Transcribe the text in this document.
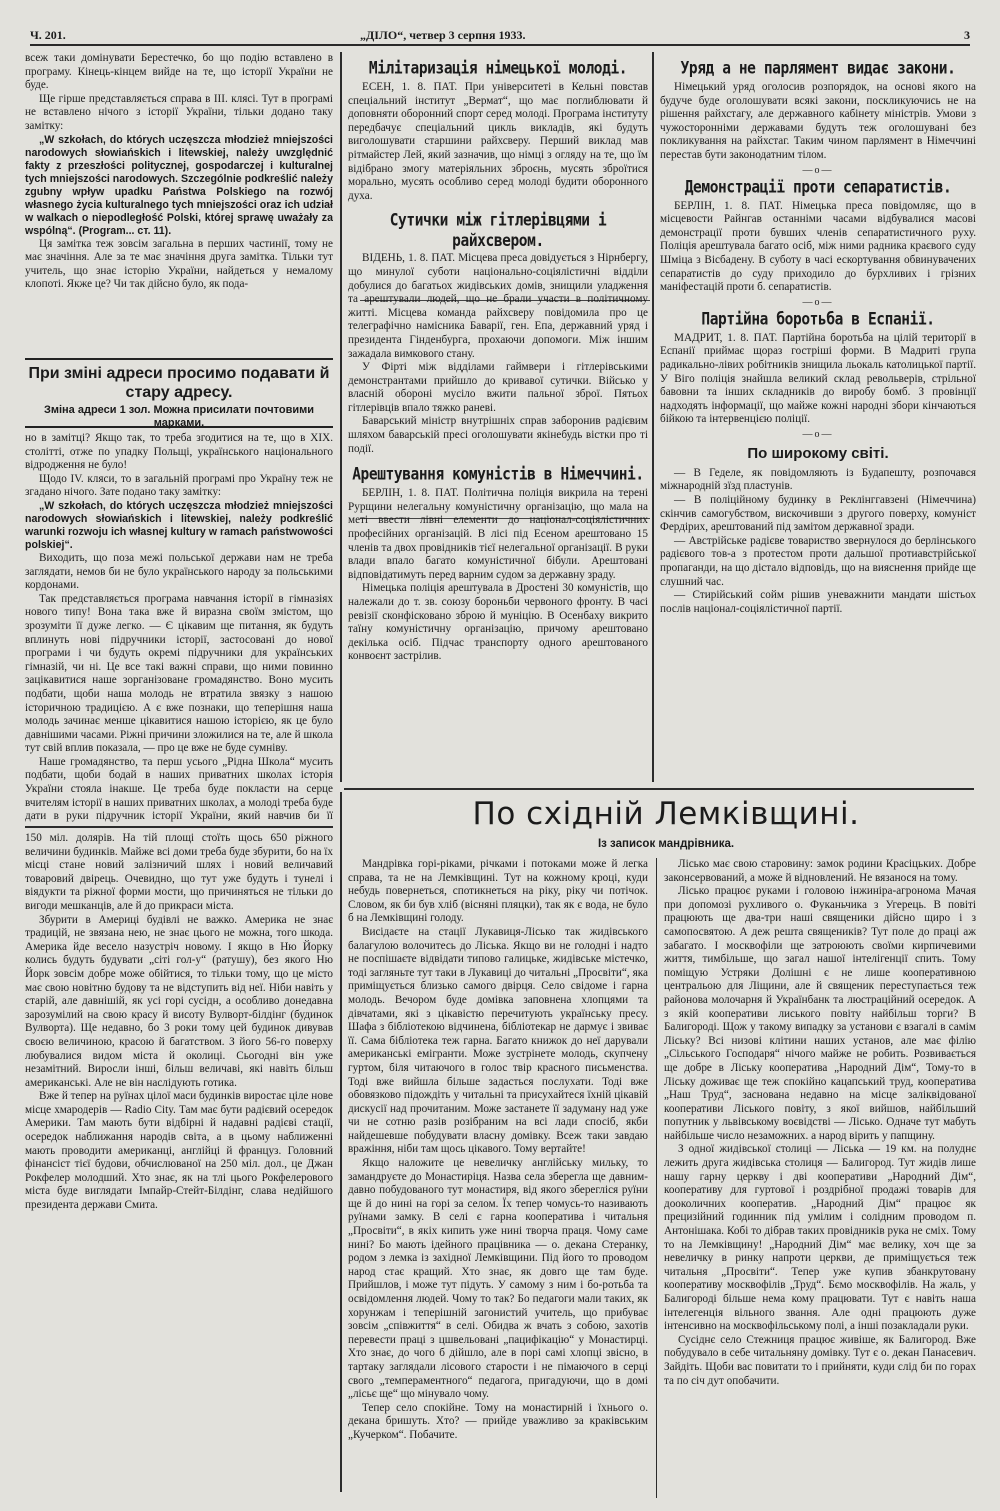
Ч. 201.	„ДІЛО“, четвер 3 серпня 1933.	3

всеж таки домінувати Берестечко, бо що подію вставлено в програму. Кінець-кінцем вийде на те, що історії України не буде.

Ще гірше представляється справа в III. клясі. Тут в програмі не вставлено нічого з історії України, тільки додано таку замітку:

„W szkołach, do których uczęszcza młodzież mniejszości narodowych słowiańskich i litewskiej, należy uwzględnić fakty z przeszłości politycznej, gospodarczej i kulturalnej tych mniejszości narodowych. Szczególnie podkreślić należy zgubny wpływ upadku Państwa Polskiego na rozwój własnego życia kulturalnego tych mniejszości oraz ich udział w walkach o niepodległość Polski, której sprawę uważały za wspólną“. (Program... ст. 11).

Ця замітка теж зовсім загальна в перших частинії, тому не має значіння. Але за те має значіння друга замітка. Тільки тут учитель, що знає історію України, найдеться у немалому клопоті. Якже це? Чи так дійсно було, як пода-

При зміні адреси просимо подавати й стару адресу.
Зміна адреси 1 зол. Можна присилати почтовими марками.

но в замітці? Якщо так, то треба згодитися на те, що в XIX. столітті, отже по упадку Польщі, українського національного відродження не було!

Щодо IV. кляси, то в загальній програмі про Україну теж не згадано нічого. Зате подано таку замітку:

„W szkołach, do których uczęszcza młodzież mniejszości narodowych słowiańskich i litewskiej, należy podkreślić warunki rozwoju ich własnej kultury w ramach państwowości polskiej“.

Виходить, що поза межі польської держави нам не треба заглядати, немов би не було українського народу за польськими кордонами.

Так представляється програма навчання історії в гімназіях нового типу! Вона така вже й виразна своїм змістом, що зрозуміти її дуже легко. — Є цікавим ще питання, як будуть вплинуть нові підручники історії, застосовані до нової програми і чи будуть окремі підручники для українських гімназій, чи ні. Це все такі важні справи, що ними повинно зацікавитися наше зорганізоване громадянство. Воно мусить подбати, щоби наша молодь не втратила звязку з нашою історичною традицією. А є вже познаки, що теперішня наша молодь зачинає менше цікавитися нашою історією, як це було давнішими часами. Ріжні причини зложилися на те, але й школа тут свій вплив показала, — про це вже не буде сумніву.

Наше громадянство, та перш усього „Рідна Школа“ мусить подбати, щоби бодай в наших приватних школах історія України стояла інакше. Це треба буде покласти на серце вчителям історії в наших приватних школах, а молоді треба буде дати в руки підручник історії України, який навчив би її

150 міл. долярів. На тій площі стоїть щось 650 ріжного величини будинків. Майже всі доми треба буде збурити, бо на їх місці стане новий залізничий шлях і новий величавий товаровий двірець. Очевидно, що тут уже будуть і тунелі і віядукти та ріжної форми мости, що причиняться не тільки до вигоди мешканців, але й до прикраси міста.

Збурити в Америці будівлі не важко. Америка не знає традицій, не звязана нею, не знає цього не можна, того шкода. Америка йде весело назустріч новому. І якщо в Ню Йорку колись будуть будувати „сіті гол-у“ (ратушу), без якого Ню Йорк зовсім добре може обійтися, то тільки тому, що це місто має свою новітню будову та не відступить від неї. Ніби навіть у старій, але давнішій, як усі горі сусідн, а особливо донедавна зарозумілий на свою красу й висоту Вулворт-білдінг (будинок Вулворта). Ще недавно, бо 3 роки тому цей будинок дивував своєю величиною, красою й багатством. З його 56-го поверху любувалися видом міста й околиці. Сьогодні він уже незамітний. Виросли інші, більш величаві, які навіть більш американські. Але не він наслідують готика.

Вже й тепер на руїнах цілої маси будинків виростає ціле нове місце хмародерів — Radio City. Там має бути радієвий осередок Америки. Там мають бути відбірні й надавні радієві стації, осередок наближання народів світа, а в цьому наближенні мають проводити американці, англійці й француз. Головний фінансіст тієї будови, обчислюваної на 250 міл. дол., це Джан Рокфелер молодший. Хто знає, як на тлі цього Рокфелерового міста буде виглядати Імпайр-Стейт-Білдінг, слава недійшого президента держави Смита.

Мілітаризація німецької молоді.

ЕСЕН, 1. 8. ПАТ. При університеті в Кельні повстав спеціальний інститут „Вермат“, що має поглиблювати й доповняти оборонний спорт серед молоді. Програма інституту передбачує спеціальний цикль викладів, які будуть виголошувати старшини райхсверу. Перший виклад мав рітмайстер Лей, який зазначив, що німці з огляду на те, що їм відібрано змогу матеріяльних зброєнь, мусять зброїтися морально, мусять особливо серед молоді будити оборонного духа.

Сутички між гітлерівцями і райхсвером.

ВІДЕНЬ, 1. 8. ПАТ. Місцева преса довідується з Нірнбергу, що минулої суботи національно-соціялістичні відділи добулися до багатьох жидівських домів, знищили уладження та арештували людей, що не брали участи в політичному житті. Місцева команда райхсверу повідомила про це телеграфічно намісника Баварії, ген. Епа, державний уряд і президента Гінденбурга, прохаючи допомоги. Між іншим зажадала вимкового стану.

У Фірті між відділами гаймвери і гітлерівськими демонстрантами прийшло до кривавої сутички. Військо у власній обороні мусіло вжити пальної зброї. Пятьох гітлерівців впало тяжко раневі.

Баварський міністр внутрішніх справ заборонив радієвим шляхом баварській пресі оголошувати якінебудь вістки про ті події.

Арештування комуністів в Німеччині.

БЕРЛІН, 1. 8. ПАТ. Політична поліція викрила на терені Рурщини нелегальну комуністичну організацію, що мала на меті ввести лівні елементи до націонал-соціялістичних професійних організацій. В лісі під Есеном арештовано 15 членів та двох провідників тієї нелегальної організації. В руки влади впало багато комуністичної бібули. Арештовані відповідатимуть перед варним судом за державну зраду.

Німецька поліція арештувала в Дростені 30 комуністів, що належали до т. зв. союзу бороньби червоного фронту. В часі ревізії сконфісковано зброю й муніцію. В Осенбаху викрито таїну комуністичну організацію, причому арештовано декілька осіб. Підчас транспорту одного арештованого конвоєнт застрілив.

Уряд а не парлямент видає закони.

Німецький уряд оголосив розпорядок, на основі якого на будуче буде оголошувати всякі закони, поскликуючись не на рішення райхстагу, але державного кабінету міністрів. Умови з чужосторонніми державами будуть теж оголошувані без покликування на райхстаг. Таким чином парлямент в Німеччині перестав бути законодатним тілом.

—o—
Демонстрації проти сепаратистів.

БЕРЛІН, 1. 8. ПАТ. Німецька преса повідомляє, що в місцевости Райнгав останніми часами відбувалися масові демонстрації проти бувших членів сепаратистичного руху. Поліція арештувала багато осіб, між ними радника краєвого суду Шміца з Вісбадену. В суботу в часі ескортування обвинувачених сепаратистів до суду приходило до бурхливих і грізних маніфестацій проти б. сепаратистів.

—o—
Партійна боротьба в Еспанії.

МАДРИТ, 1. 8. ПАТ. Партійна боротьба на цілій території в Еспанії приймає щораз гостріші форми. В Мадриті група радикально-лівих робітників знищила льокаль католицької партії. У Віго поліція знайшла великий склад револьверів, стрільної бавовни та інших складників до виробу бомб. З провінції надходять інформації, що майже кожні народні збори кінчаються бійкою та інтервенцією поліції.

—o—
По широкому світі.

— В Геделе, як повідомляють із Будапешту, розпочався міжнародній зїзд пластунів.

— В поліційному будинку в Реклінггавзені (Німеччина) скінчив самогубством, вискочивши з другого поверху, комуніст Фердірих, арештований під замітом державної зради.

— Австрійське радієве товариство звернулося до берлінського радієвого тов-а з протестом проти дальшої протиавстрійської пропаганди, на що дістало відповідь, що на вияснення прийде ще слушний час.

— Стирійський сойм рішив уневажнити мандати шістьох послів націонал-соціялістичної партії.

По східній Лемківщині.
Із записок мандрівника.

Мандрівка горі-ріками, річками і потоками може й легка справа, та не на Лемківщині. Тут на кожному кроці, куди небудь повернеться, спотикнеться на ріку, ріку чи потічок. Словом, як би був хліб (вісняні пляцки), так як є вода, не було б на Лемківщині голоду.

Висідаєте на стації Лукавиця-Лісько так жидівського балагулою волочитесь до Ліська. Якщо ви не голодні і надто не поспішаєте відвідати типово галицьке, жидівське містечко, тоді загляньте тут таки в Лукавиці до читальні „Просвіти“, яка приміщується близько самого двірця. Село свідоме і гарна молодь. Вечором буде домівка заповнена хлопцями та дівчатами, які з цікавістю перечитують українську пресу. Шафа з бібліотекою відчинена, бібліотекар не дармує і звиває її. Сама бібліотека теж гарна. Багато книжок до неї дарували американські емігранти. Може зустрінете молодь, скупчену гуртом, біля читаючого в голос твір красного письменства. Тоді вже вийшла більше задасться послухати. Тоді вже обовязково підождіть у читальні та присухайтеся їхній цікавій дискусії над прочитаним. Може застанете її задуману над уже чи не сотню разів розібраним на всі лади спосіб, якби найдешевше побудувати власну домівку. Всеж таки завдаю вражіння, ніби там щось цікавого. Тому вертайте!

Якщо наложите це невеличку англійську мильку, то замандруєте до Монастиріця. Назва села зберегла ще давним-давно побудованого тут монастиря, від якого зберегліся руїни ще й до нині на горі за селом. Їх тепер чомусь-то називають руїнами замку. В селі є гарна кооператива і читальня „Просвіти“, в якіх кипить уже нині творча праця. Чому саме нині? Бо мають ідейного працівника — о. декана Стеранку, родом з лемка із західної Лемківщини. Під його то проводом народ стає кращий. Хто знає, як довго ще там буде. Прийшлов, і може тут підуть. У самому з ним і бо-ротьба та освідомлення людей. Чому то так? Бо педагоги мали таких, як хорунжам і теперішній загонистий учитель, що прибуває зовсім „співжиття“ в селі. Обидва ж вчать з собою, захотів перевести праці з цшвельовані „пацифікацію“ у Монастирці. Хто знає, до чого б дійшло, але в порі самі хлопці звісно, в тартаку заглядали лісового старости і не пімаючого в серці свого „темпераментного“ педагога, пригадуючи, що в домі „лісьє ще“ що мінувало чому.

Тепер село спокійне. Тому на монастирній і їхнього о. декана бришуть. Хто? — прийде уважливо за краківським „Кучерком“. Побачите.

Лісько має свою старовину: замок родини Красіцьких. Добре законсервований, а може й відновлений. Не вязанося на тому.

Лісько працює руками і головою інжиніра-агронома Мачая при допомозі рухливого о. Фуканьчика з Угерець. В повіті працюють ще два-три наші священики дійсно щиро і з самопосвятою. А деж решта священиків? Тут поле до праці аж забагато. І москвофіли ще затроюють своїми кирпичевими життя, тимбільше, що загал нашої інтелігенції спить. Тому поміщую Устряки Долішні є не лише кооперативною центральою для Ліщини, але й священик переступається теж районова молочарня й Українбанк та люстраційний осередок. А з якій кооперативи лиського повіту найбільш торги? В Балигороді. Щож у такому випадку за установи є взагалі в самім Ліську? Всі низові клітини наших установ, але має філію „Сільського Господаря“ нічого майже не робить. Розвивається ще добре в Ліську кооператива „Народний Дім“, Тому-то в Ліську доживає ще теж спокійно кацапський труд, кооператива „Наш Труд“, заснована недавно на місце заліквідованої кооперативи Ліського повіту, з якої вийшов, найбільший попутник у львівському воєвідстві — Лісько. Одначе тут мабуть найбільше число незаможних. а народ вірить у папщину.

З одної жидівської столиці — Ліська — 19 км. на полуднє лежить друга жидівська столиця — Балигород. Тут жидів лише нашу гарну церкву і дві кооперативи „Народний Дім“, кооперативу для гуртової і роздрібної продажі товарів для дооколичних кооператив. „Народний Дім“ працює як прецизійний годинник під умілим і солідним проводом п. Антонішака. Кобі то дібрав таких провідників рука не сміх. Тому то на Лемківщину! „Народний Дім“ має велику, хоч ще за невеличку в ринку напроти церкви, де приміщується теж читальня „Просвіти“. Тепер уже купив збанкрутовану кооперативу москвофілів „Труд“. Бємо москвофілів. На жаль, у Балигороді більше нема кому працювати. Тут є навіть наша інтелегенція вільного звання. Але одні працюють дуже інтенсивно на москвофільському полі, а інші позакладали руки.

Сусіднє село Стежниця працює живіше, як Балигород. Вже побудувало в себе читальняну домівку. Тут є о. декан Панасевич. Зайдіть. Щоби вас повитати то і прийняти, куди слід би по горах та по січ дут опобачити.
